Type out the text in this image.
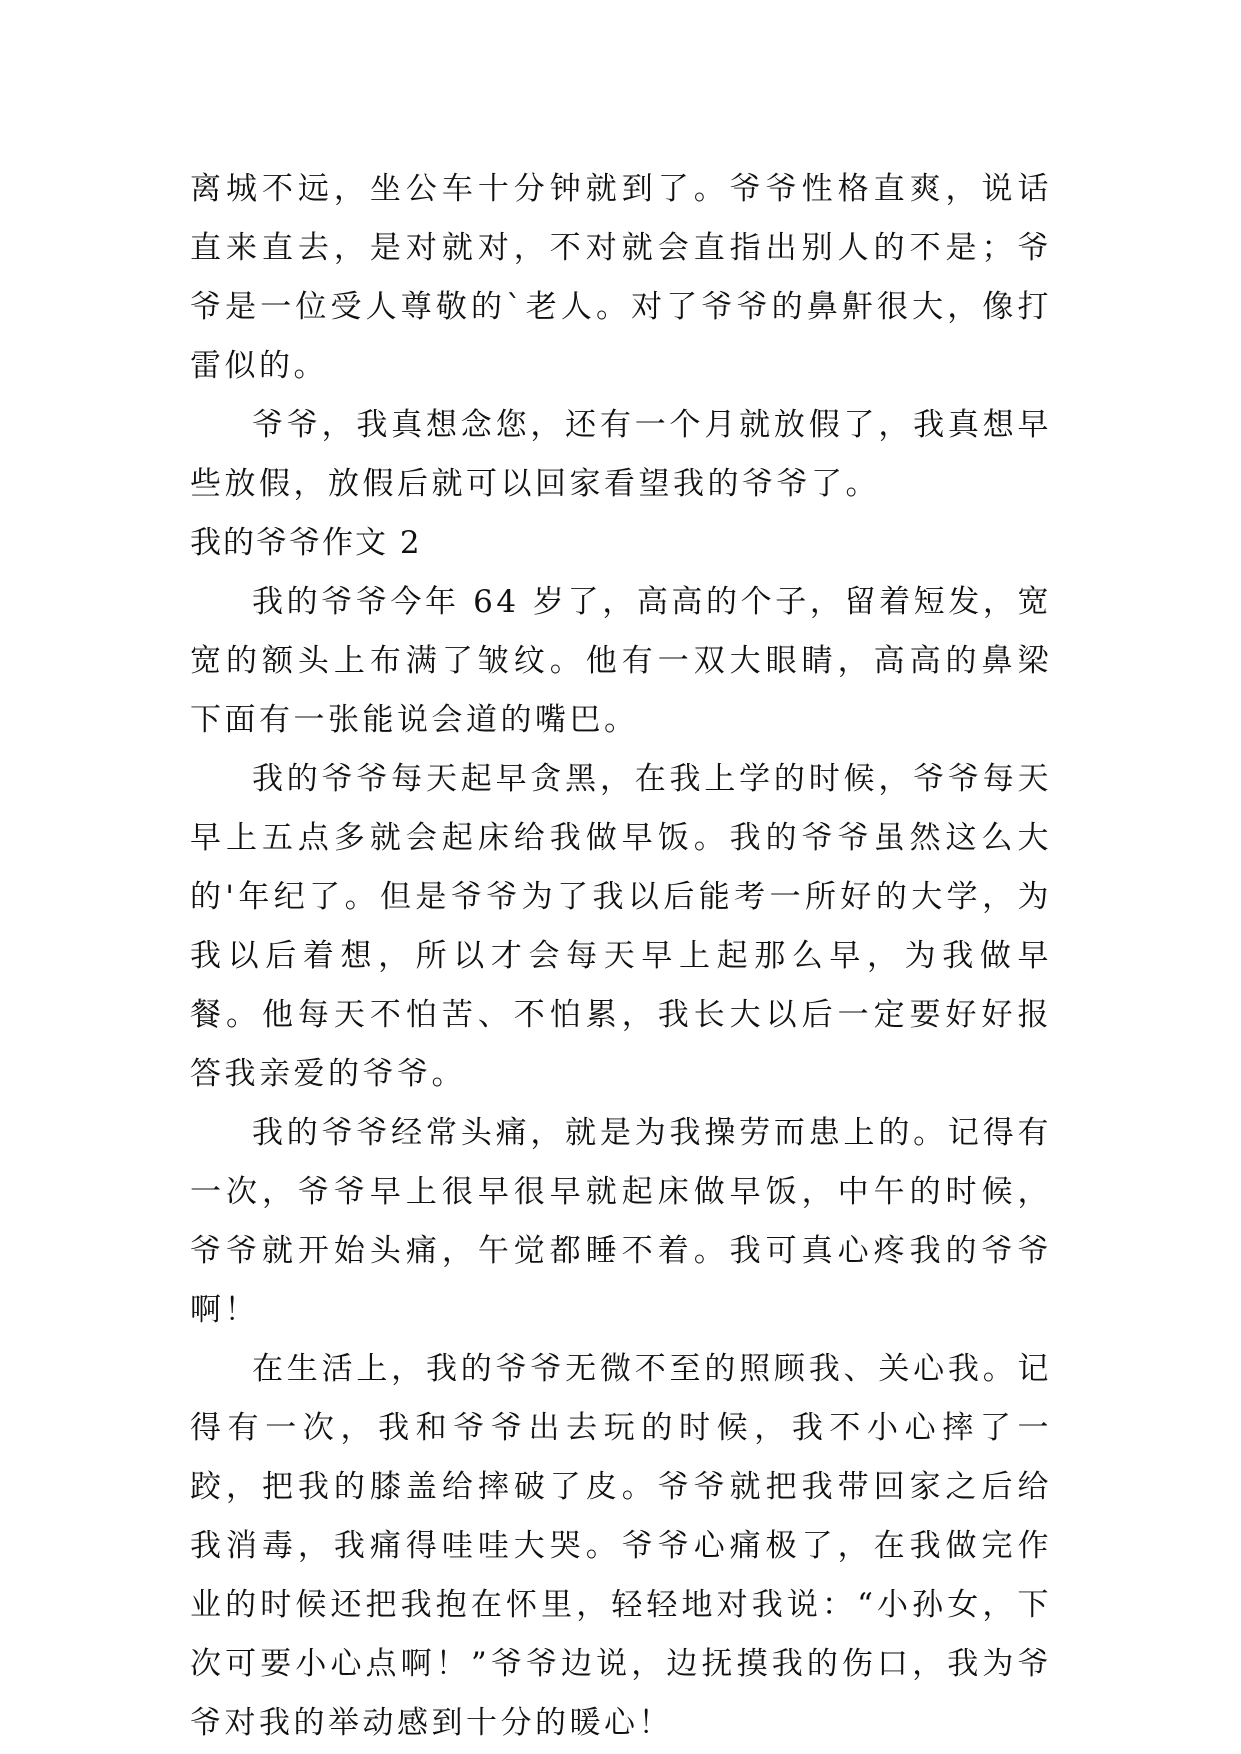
离城不远，坐公车十分钟就到了。爷爷性格直爽，说话直来直去，是对就对，不对就会直指出别人的不是；爷爷是一位受人尊敬的`老人。对了爷爷的鼻鼾很大，像打雷似的。

爷爷，我真想念您，还有一个月就放假了，我真想早些放假，放假后就可以回家看望我的爷爷了。

我的爷爷作文 2

我的爷爷今年 64 岁了，高高的个子，留着短发，宽宽的额头上布满了皱纹。他有一双大眼睛，高高的鼻梁下面有一张能说会道的嘴巴。

我的爷爷每天起早贪黑，在我上学的时候，爷爷每天早上五点多就会起床给我做早饭。我的爷爷虽然这么大的'年纪了。但是爷爷为了我以后能考一所好的大学，为我以后着想，所以才会每天早上起那么早，为我做早餐。他每天不怕苦、不怕累，我长大以后一定要好好报答我亲爱的爷爷。

我的爷爷经常头痛，就是为我操劳而患上的。记得有一次，爷爷早上很早很早就起床做早饭，中午的时候，爷爷就开始头痛，午觉都睡不着。我可真心疼我的爷爷啊！

在生活上，我的爷爷无微不至的照顾我、关心我。记得有一次，我和爷爷出去玩的时候，我不小心摔了一跤，把我的膝盖给摔破了皮。爷爷就把我带回家之后给我消毒，我痛得哇哇大哭。爷爷心痛极了，在我做完作业的时候还把我抱在怀里，轻轻地对我说：“小孙女，下次可要小心点啊！”爷爷边说，边抚摸我的伤口，我为爷爷对我的举动感到十分的暖心！
